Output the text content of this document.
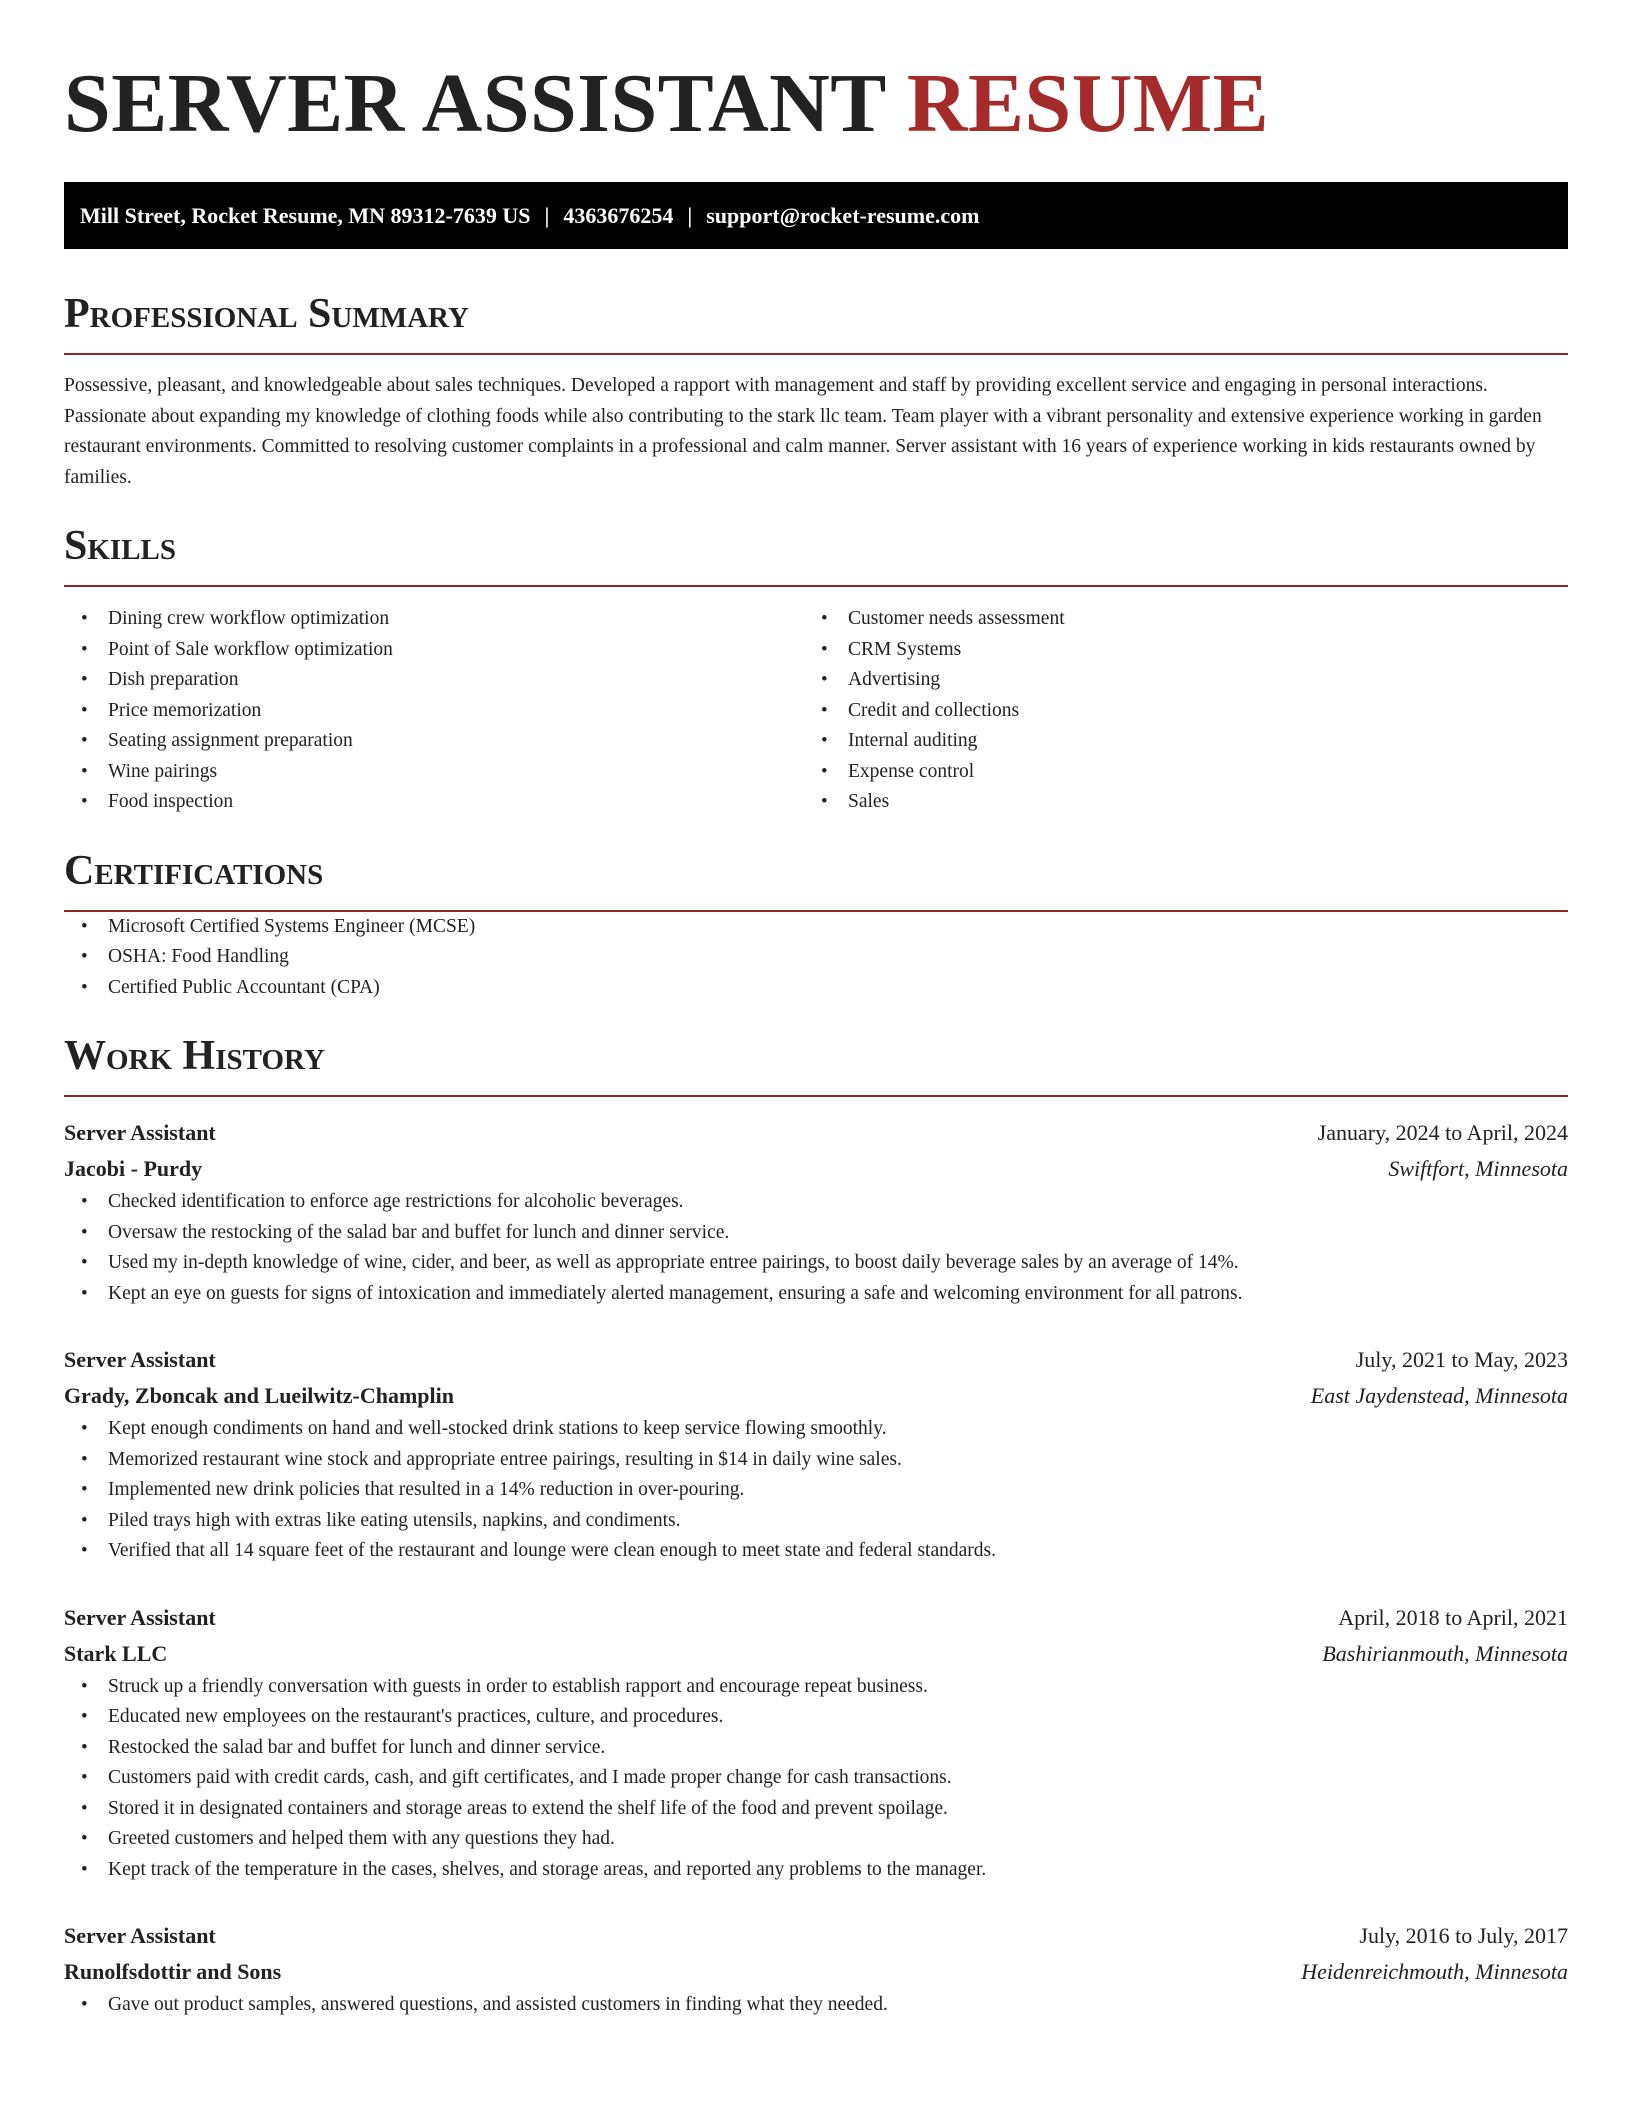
SERVER ASSISTANT RESUME
Mill Street, Rocket Resume, MN 89312-7639 US | 4363676254 | support@rocket-resume.com
Professional Summary
Possessive, pleasant, and knowledgeable about sales techniques. Developed a rapport with management and staff by providing excellent service and engaging in personal interactions. Passionate about expanding my knowledge of clothing foods while also contributing to the stark llc team. Team player with a vibrant personality and extensive experience working in garden restaurant environments. Committed to resolving customer complaints in a professional and calm manner. Server assistant with 16 years of experience working in kids restaurants owned by families.
Skills
• Dining crew workflow optimization
• Point of Sale workflow optimization
• Dish preparation
• Price memorization
• Seating assignment preparation
• Wine pairings
• Food inspection
• Customer needs assessment
• CRM Systems
• Advertising
• Credit and collections
• Internal auditing
• Expense control
• Sales
Certifications
• Microsoft Certified Systems Engineer (MCSE)
• OSHA: Food Handling
• Certified Public Accountant (CPA)
Work History
Server Assistant	January, 2024 to April, 2024
Jacobi - Purdy	Swiftfort, Minnesota
• Checked identification to enforce age restrictions for alcoholic beverages.
• Oversaw the restocking of the salad bar and buffet for lunch and dinner service.
• Used my in-depth knowledge of wine, cider, and beer, as well as appropriate entree pairings, to boost daily beverage sales by an average of 14%.
• Kept an eye on guests for signs of intoxication and immediately alerted management, ensuring a safe and welcoming environment for all patrons.
Server Assistant	July, 2021 to May, 2023
Grady, Zboncak and Lueilwitz-Champlin	East Jaydenstead, Minnesota
• Kept enough condiments on hand and well-stocked drink stations to keep service flowing smoothly.
• Memorized restaurant wine stock and appropriate entree pairings, resulting in $14 in daily wine sales.
• Implemented new drink policies that resulted in a 14% reduction in over-pouring.
• Piled trays high with extras like eating utensils, napkins, and condiments.
• Verified that all 14 square feet of the restaurant and lounge were clean enough to meet state and federal standards.
Server Assistant	April, 2018 to April, 2021
Stark LLC	Bashirianmouth, Minnesota
• Struck up a friendly conversation with guests in order to establish rapport and encourage repeat business.
• Educated new employees on the restaurant's practices, culture, and procedures.
• Restocked the salad bar and buffet for lunch and dinner service.
• Customers paid with credit cards, cash, and gift certificates, and I made proper change for cash transactions.
• Stored it in designated containers and storage areas to extend the shelf life of the food and prevent spoilage.
• Greeted customers and helped them with any questions they had.
• Kept track of the temperature in the cases, shelves, and storage areas, and reported any problems to the manager.
Server Assistant	July, 2016 to July, 2017
Runolfsdottir and Sons	Heidenreichmouth, Minnesota
• Gave out product samples, answered questions, and assisted customers in finding what they needed.
